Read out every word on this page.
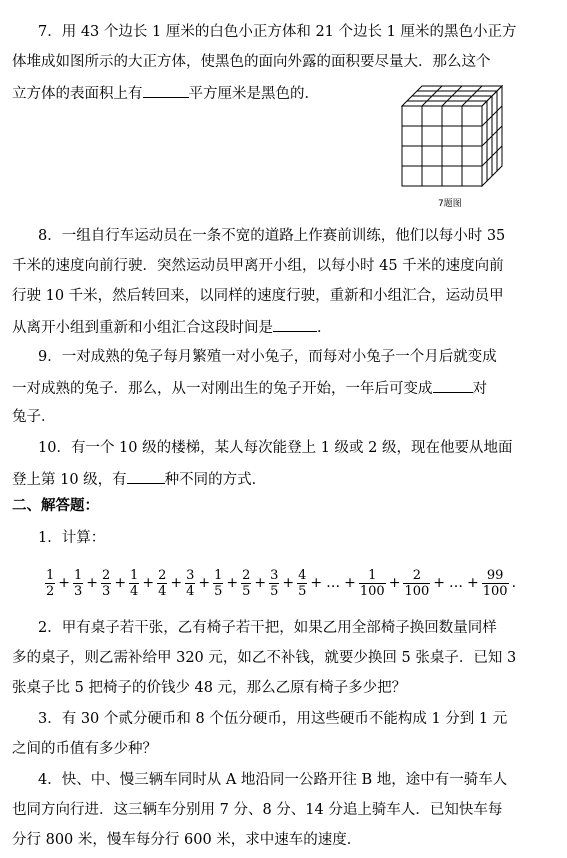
7．用 43 个边长 1 厘米的白色小正方体和 21 个边长 1 厘米的黑色小正方
体堆成如图所示的大正方体，使黑色的面向外露的面积要尽量大．那么这个
立方体的表面积上有	平方厘米是黑色的．
7题图
8．一组自行车运动员在一条不宽的道路上作赛前训练，他们以每小时 35
千米的速度向前行驶．突然运动员甲离开小组，以每小时 45 千米的速度向前
行驶 10 千米，然后转回来，以同样的速度行驶，重新和小组汇合，运动员甲
从离开小组到重新和小组汇合这段时间是	．
9．一对成熟的兔子每月繁殖一对小兔子，而每对小兔子一个月后就变成
一对成熟的兔子．那么，从一对刚出生的兔子开始，一年后可变成	对
兔子．
10．有一个 10 级的楼梯，某人每次能登上 1 级或 2 级，现在他要从地面
登上第 10 级，有	种不同的方式．
二、解答题：
1．计算：
$\frac{1}{2} + \frac{1}{3} + \frac{2}{3} + \frac{1}{4} + \frac{2}{4} + \frac{3}{4} + \frac{1}{5} + \frac{2}{5} + \frac{3}{5} + \frac{4}{5}$ + … + $\frac{1}{100} + \frac{2}{100}$ + … + $\frac{99}{100}$ .
2．甲有桌子若干张，乙有椅子若干把，如果乙用全部椅子换回数量同样
多的桌子，则乙需补给甲 320 元，如乙不补钱，就要少换回 5 张桌子．已知 3
张桌子比 5 把椅子的价钱少 48 元，那么乙原有椅子多少把？
3．有 30 个贰分硬币和 8 个伍分硬币，用这些硬币不能构成 1 分到 1 元
之间的币值有多少种？
4．快、中、慢三辆车同时从 A 地沿同一公路开往 B 地，途中有一骑车人
也同方向行进．这三辆车分别用 7 分、8 分、14 分追上骑车人．已知快车每
分行 800 米，慢车每分行 600 米，求中速车的速度．
